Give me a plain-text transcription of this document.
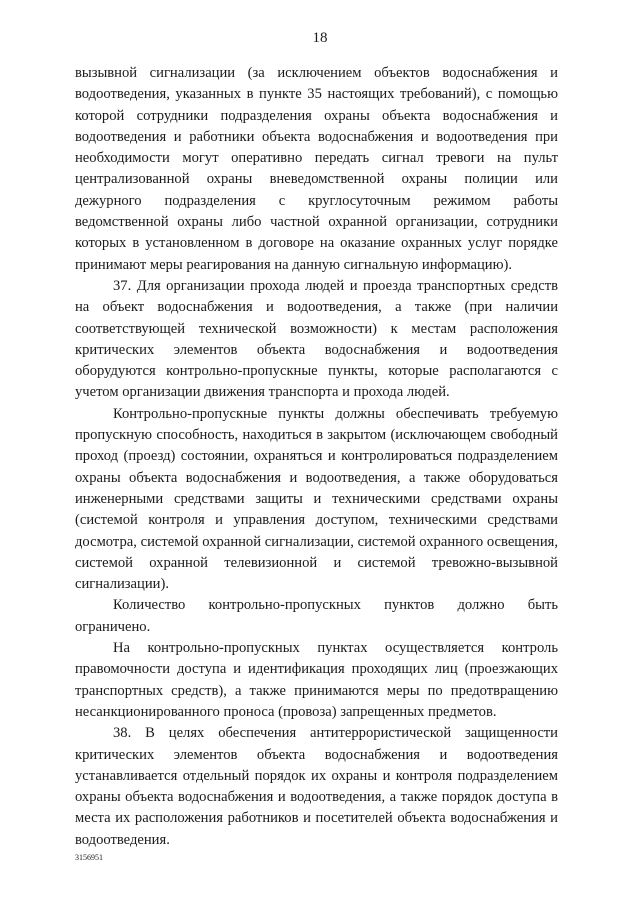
18

вызывной сигнализации (за исключением объектов водоснабжения и водоотведения, указанных в пункте 35 настоящих требований), с помощью которой сотрудники подразделения охраны объекта водоснабжения и водоотведения и работники объекта водоснабжения и водоотведения при необходимости могут оперативно передать сигнал тревоги на пульт централизованной охраны вневедомственной охраны полиции или дежурного подразделения с круглосуточным режимом работы ведомственной охраны либо частной охранной организации, сотрудники которых в установленном в договоре на оказание охранных услуг порядке принимают меры реагирования на данную сигнальную информацию).

37. Для организации прохода людей и проезда транспортных средств на объект водоснабжения и водоотведения, а также (при наличии соответствующей технической возможности) к местам расположения критических элементов объекта водоснабжения и водоотведения оборудуются контрольно-пропускные пункты, которые располагаются с учетом организации движения транспорта и прохода людей.

Контрольно-пропускные пункты должны обеспечивать требуемую пропускную способность, находиться в закрытом (исключающем свободный проход (проезд) состоянии, охраняться и контролироваться подразделением охраны объекта водоснабжения и водоотведения, а также оборудоваться инженерными средствами защиты и техническими средствами охраны (системой контроля и управления доступом, техническими средствами досмотра, системой охранной сигнализации, системой охранного освещения, системой охранной телевизионной и системой тревожно-вызывной сигнализации).

Количество контрольно-пропускных пунктов должно быть ограничено.

На контрольно-пропускных пунктах осуществляется контроль правомочности доступа и идентификация проходящих лиц (проезжающих транспортных средств), а также принимаются меры по предотвращению несанкционированного проноса (провоза) запрещенных предметов.

38. В целях обеспечения антитеррористической защищенности критических элементов объекта водоснабжения и водоотведения устанавливается отдельный порядок их охраны и контроля подразделением охраны объекта водоснабжения и водоотведения, а также порядок доступа в места их расположения работников и посетителей объекта водоснабжения и водоотведения.

3156951
